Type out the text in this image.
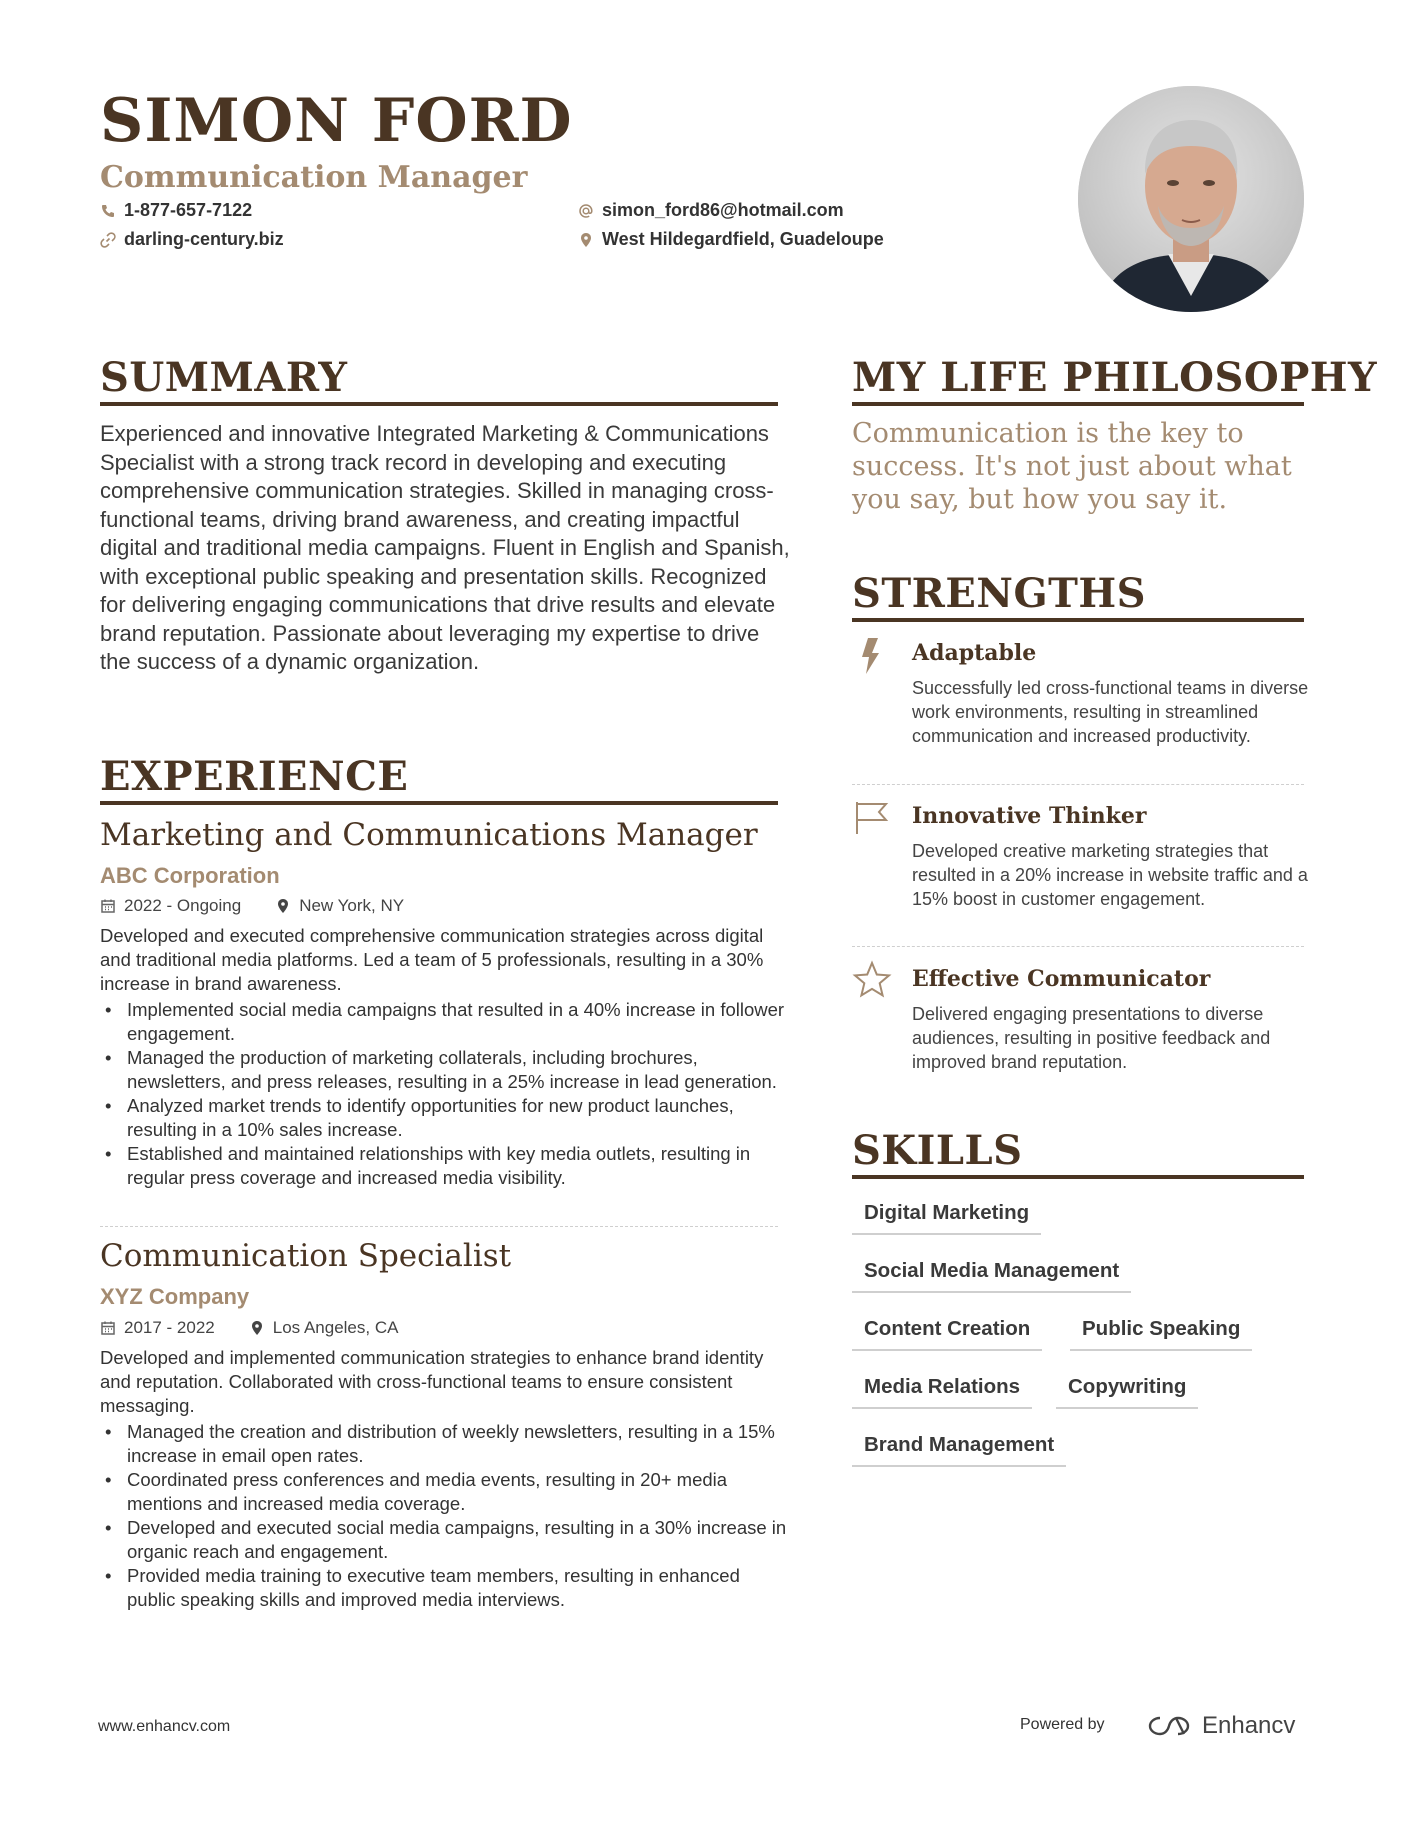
SIMON FORD
Communication Manager
1-877-657-7122
darling-century.biz
simon_ford86@hotmail.com
West Hildegardfield, Guadeloupe
SUMMARY
Experienced and innovative Integrated Marketing & Communications Specialist with a strong track record in developing and executing comprehensive communication strategies. Skilled in managing cross-functional teams, driving brand awareness, and creating impactful digital and traditional media campaigns. Fluent in English and Spanish, with exceptional public speaking and presentation skills. Recognized for delivering engaging communications that drive results and elevate brand reputation. Passionate about leveraging my expertise to drive the success of a dynamic organization.
EXPERIENCE
Marketing and Communications Manager
ABC Corporation
2022 - Ongoing	New York, NY
Developed and executed comprehensive communication strategies across digital and traditional media platforms. Led a team of 5 professionals, resulting in a 30% increase in brand awareness.
• Implemented social media campaigns that resulted in a 40% increase in follower engagement.
• Managed the production of marketing collaterals, including brochures, newsletters, and press releases, resulting in a 25% increase in lead generation.
• Analyzed market trends to identify opportunities for new product launches, resulting in a 10% sales increase.
• Established and maintained relationships with key media outlets, resulting in regular press coverage and increased media visibility.
Communication Specialist
XYZ Company
2017 - 2022	Los Angeles, CA
Developed and implemented communication strategies to enhance brand identity and reputation. Collaborated with cross-functional teams to ensure consistent messaging.
• Managed the creation and distribution of weekly newsletters, resulting in a 15% increase in email open rates.
• Coordinated press conferences and media events, resulting in 20+ media mentions and increased media coverage.
• Developed and executed social media campaigns, resulting in a 30% increase in organic reach and engagement.
• Provided media training to executive team members, resulting in enhanced public speaking skills and improved media interviews.
MY LIFE PHILOSOPHY
Communication is the key to success. It's not just about what you say, but how you say it.
STRENGTHS
Adaptable
Successfully led cross-functional teams in diverse work environments, resulting in streamlined communication and increased productivity.
Innovative Thinker
Developed creative marketing strategies that resulted in a 20% increase in website traffic and a 15% boost in customer engagement.
Effective Communicator
Delivered engaging presentations to diverse audiences, resulting in positive feedback and improved brand reputation.
SKILLS
Digital Marketing
Social Media Management
Content Creation	Public Speaking
Media Relations	Copywriting
Brand Management
www.enhancv.com	Powered by	Enhancv
